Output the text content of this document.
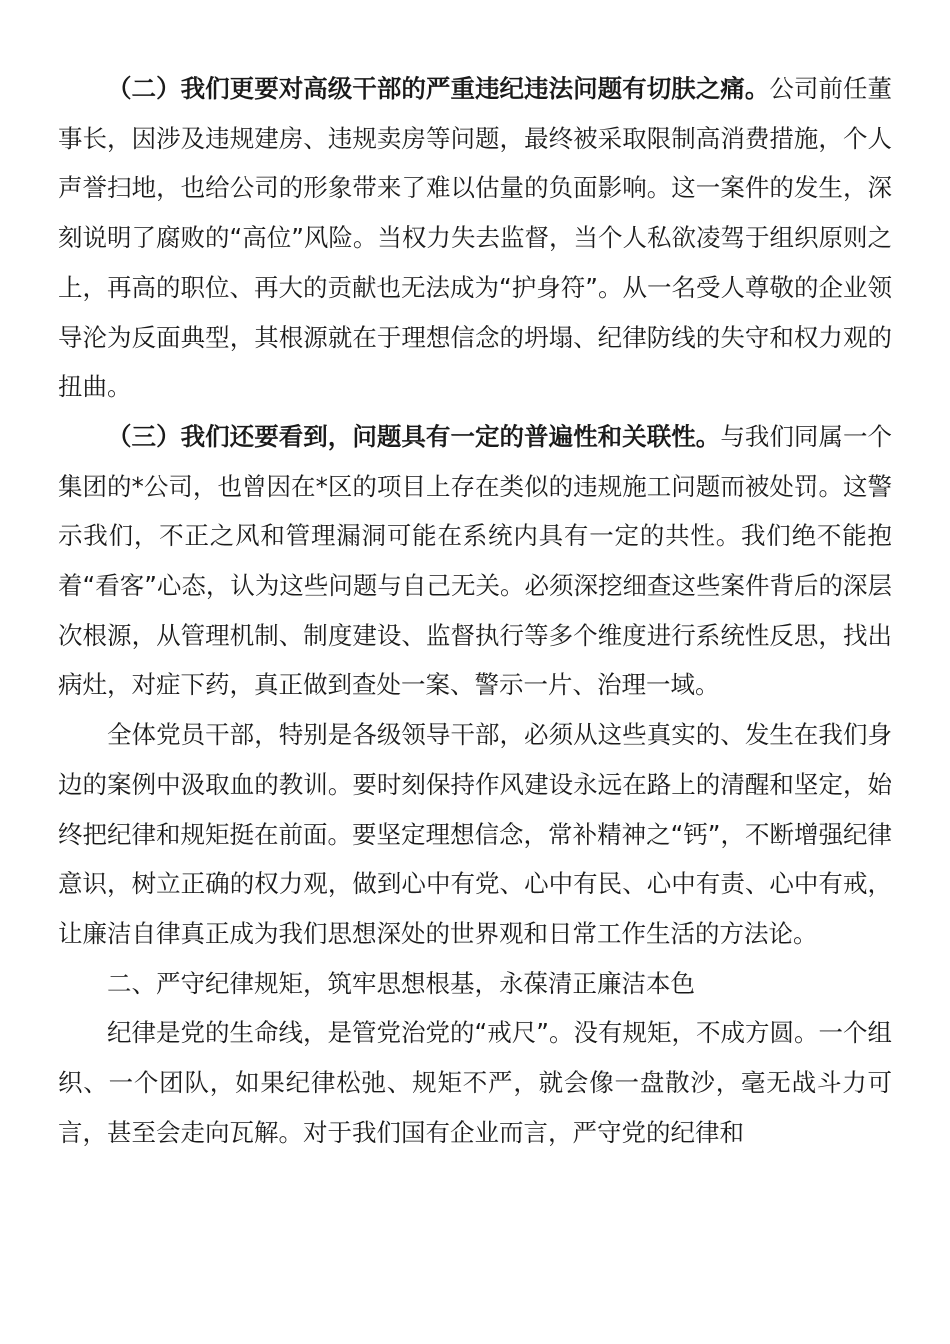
（二）我们更要对高级干部的严重违纪违法问题有切肤之痛。公司前任董事长，因涉及违规建房、违规卖房等问题，最终被采取限制高消费措施，个人声誉扫地，也给公司的形象带来了难以估量的负面影响。这一案件的发生，深刻说明了腐败的“高位”风险。当权力失去监督，当个人私欲凌驾于组织原则之上，再高的职位、再大的贡献也无法成为“护身符”。从一名受人尊敬的企业领导沦为反面典型，其根源就在于理想信念的坍塌、纪律防线的失守和权力观的扭曲。

（三）我们还要看到，问题具有一定的普遍性和关联性。与我们同属一个集团的*公司，也曾因在*区的项目上存在类似的违规施工问题而被处罚。这警示我们，不正之风和管理漏洞可能在系统内具有一定的共性。我们绝不能抱着“看客”心态，认为这些问题与自己无关。必须深挖细查这些案件背后的深层次根源，从管理机制、制度建设、监督执行等多个维度进行系统性反思，找出病灶，对症下药，真正做到查处一案、警示一片、治理一域。

全体党员干部，特别是各级领导干部，必须从这些真实的、发生在我们身边的案例中汲取血的教训。要时刻保持作风建设永远在路上的清醒和坚定，始终把纪律和规矩挺在前面。要坚定理想信念，常补精神之“钙”，不断增强纪律意识，树立正确的权力观，做到心中有党、心中有民、心中有责、心中有戒，让廉洁自律真正成为我们思想深处的世界观和日常工作生活的方法论。

二、严守纪律规矩，筑牢思想根基，永葆清正廉洁本色

纪律是党的生命线，是管党治党的“戒尺”。没有规矩，不成方圆。一个组织、一个团队，如果纪律松弛、规矩不严，就会像一盘散沙，毫无战斗力可言，甚至会走向瓦解。对于我们国有企业而言，严守党的纪律和
